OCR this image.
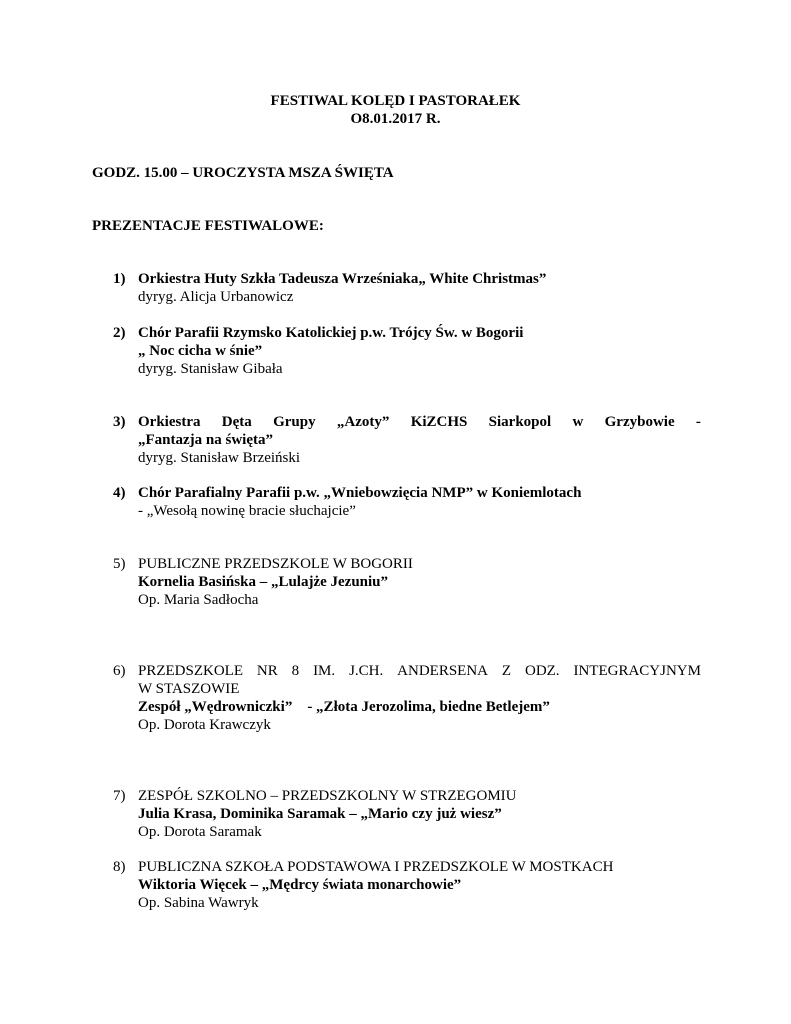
FESTIWAL KOLĘD I PASTORAŁEK
O8.01.2017 R.
GODZ. 15.00 – UROCZYSTA MSZA ŚWIĘTA
PREZENTACJE FESTIWALOWE:
1) Orkiestra Huty Szkła Tadeusza Wrześniaka„ White Christmas”
dyryg. Alicja Urbanowicz
2) Chór Parafii Rzymsko Katolickiej p.w. Trójcy Św. w Bogorii
„ Noc cicha w śnie”
dyryg. Stanisław Gibała
3) Orkiestra Dęta Grupy „Azoty” KiZCHS Siarkopol w Grzybowie -
„Fantazja na święta”
dyryg. Stanisław Brzeiński
4) Chór Parafialny Parafii p.w. „Wniebowzięcia NMP” w Koniemlotach
- „Wesołą nowinę bracie słuchajcie”
5) PUBLICZNE PRZEDSZKOLE W BOGORII
Kornelia Basińska – „Lulajże Jezuniu”
Op. Maria Sadłocha
6) PRZEDSZKOLE NR 8 IM. J.CH. ANDERSENA Z ODZ. INTEGRACYJNYM
W STASZOWIE
Zespół „Wędrowniczki”    - „Złota Jerozolima, biedne Betlejem”
Op. Dorota Krawczyk
7) ZESPÓŁ SZKOLNO – PRZEDSZKOLNY W STRZEGOMIU
Julia Krasa, Dominika Saramak – „Mario czy już wiesz”
Op. Dorota Saramak
8) PUBLICZNA SZKOŁA PODSTAWOWA I PRZEDSZKOLE W MOSTKACH
Wiktoria Więcek – „Mędrcy świata monarchowie”
Op. Sabina Wawryk
